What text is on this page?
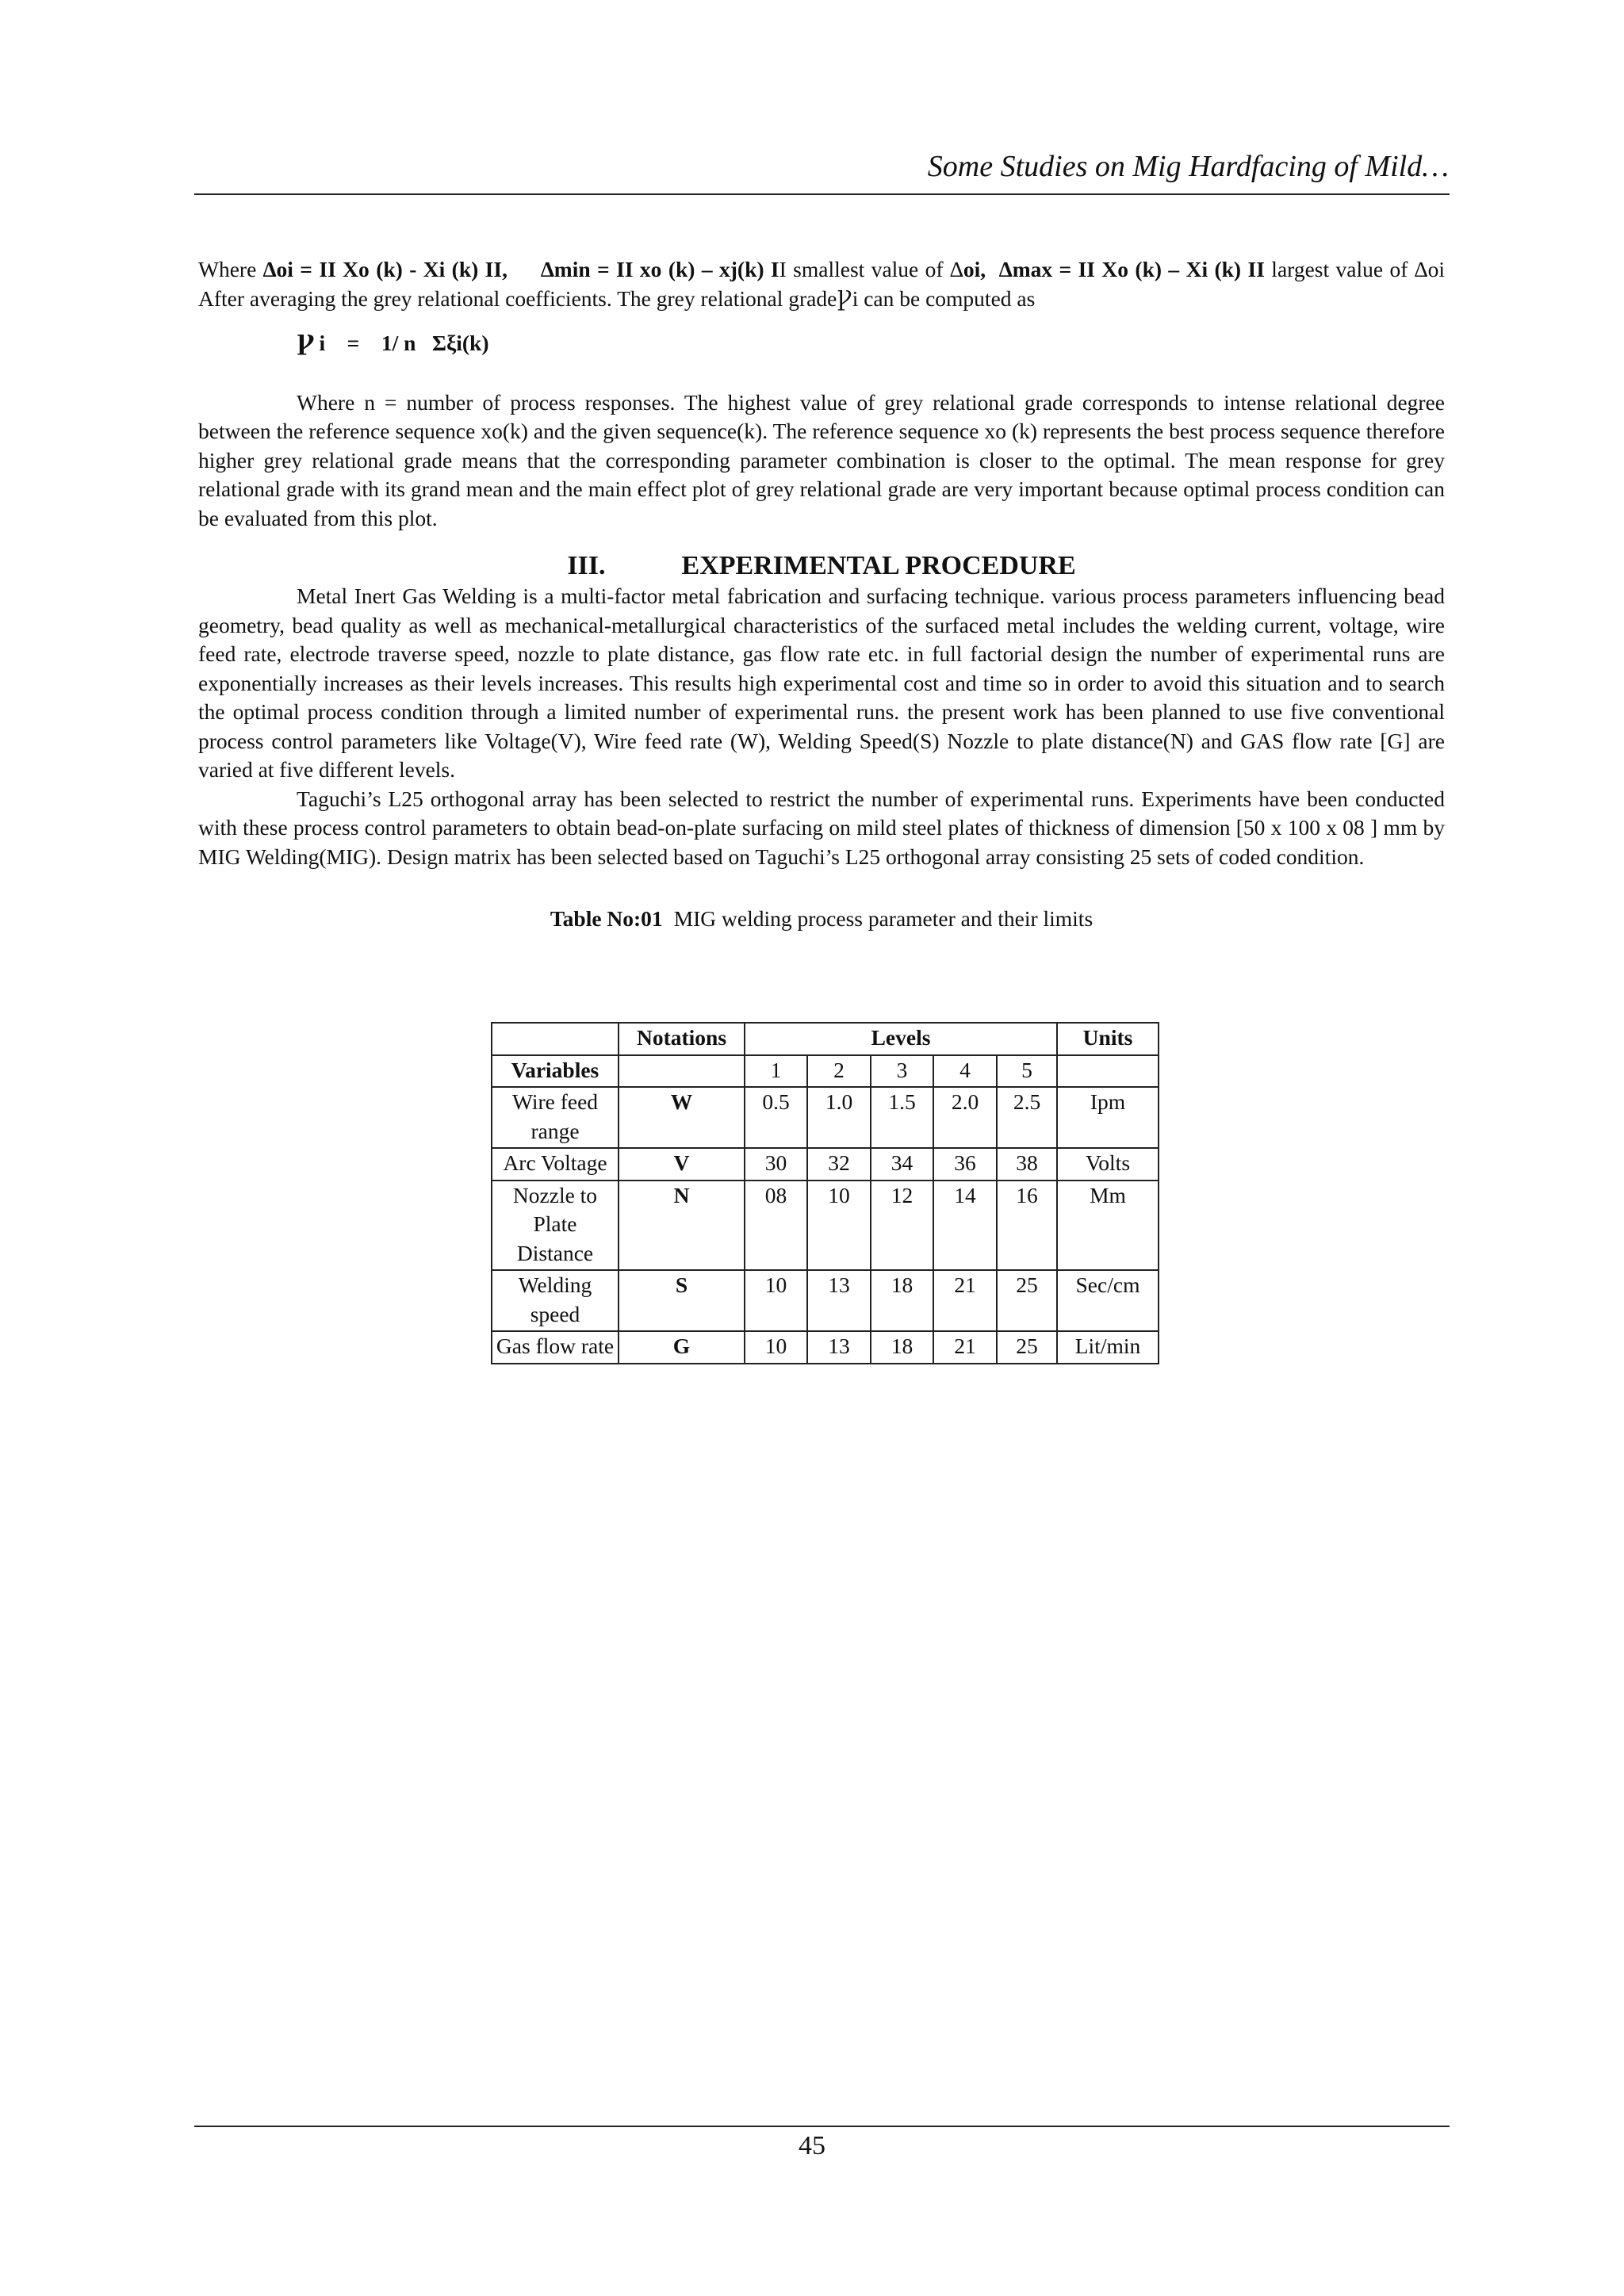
Some Studies on Mig Hardfacing of Mild…

Where ∆oi = II Xo (k) - Xi (k) II, ∆min = II xo (k) – xj(k) II smallest value of ∆oi, ∆max = II Xo (k) – Xi (k) II largest value of ∆oi After averaging the grey relational coefficients. The grey relational gradeꝨi can be computed as

Ꝩ i    =    1/ n   Σξi(k)

Where n = number of process responses. The highest value of grey relational grade corresponds to intense relational degree between the reference sequence xo(k) and the given sequence(k). The reference sequence xo (k) represents the best process sequence therefore higher grey relational grade means that the corresponding parameter combination is closer to the optimal. The mean response for grey relational grade with its grand mean and the main effect plot of grey relational grade are very important because optimal process condition can be evaluated from this plot.

III.	EXPERIMENTAL PROCEDURE

Metal Inert Gas Welding is a multi-factor metal fabrication and surfacing technique. various process parameters influencing bead geometry, bead quality as well as mechanical-metallurgical characteristics of the surfaced metal includes the welding current, voltage, wire feed rate, electrode traverse speed, nozzle to plate distance, gas flow rate etc. in full factorial design the number of experimental runs are exponentially increases as their levels increases. This results high experimental cost and time so in order to avoid this situation and to search the optimal process condition through a limited number of experimental runs. the present work has been planned to use five conventional process control parameters like Voltage(V), Wire feed rate (W), Welding Speed(S) Nozzle to plate distance(N) and GAS flow rate [G] are varied at five different levels.

Taguchi’s L25 orthogonal array has been selected to restrict the number of experimental runs. Experiments have been conducted with these process control parameters to obtain bead-on-plate surfacing on mild steel plates of thickness of dimension [50 x 100 x 08 ] mm by MIG Welding(MIG). Design matrix has been selected based on Taguchi’s L25 orthogonal array consisting 25 sets of coded condition.

Table No:01 MIG welding process parameter and their limits

	Notations	Levels					Units
Variables		1	2	3	4	5	
Wire feed range	W	0.5	1.0	1.5	2.0	2.5	Ipm
Arc Voltage	V	30	32	34	36	38	Volts
Nozzle to Plate Distance	N	08	10	12	14	16	Mm
Welding speed	S	10	13	18	21	25	Sec/cm
Gas flow rate	G	10	13	18	21	25	Lit/min
45
